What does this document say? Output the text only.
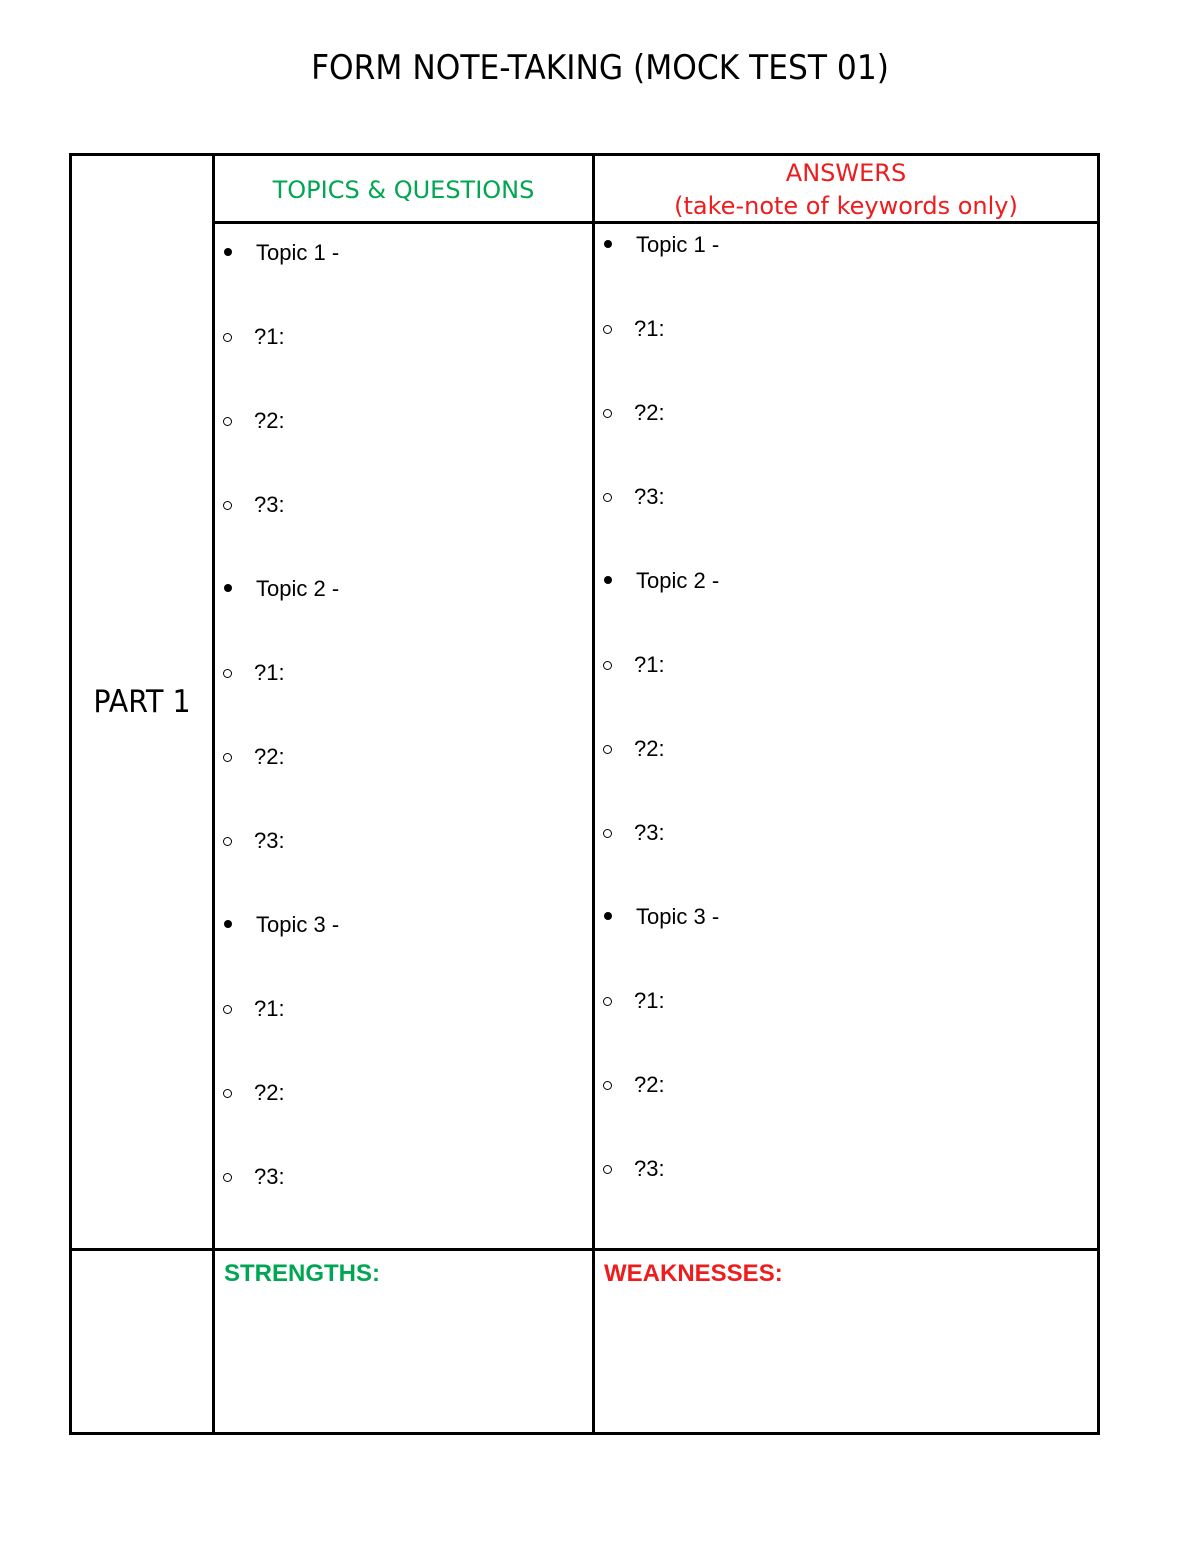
FORM NOTE-TAKING (MOCK TEST 01)
PART 1
TOPICS & QUESTIONS
ANSWERS
(take-note of keywords only)
Topic 1 -
?1:
?2:
?3:
Topic 2 -
?1:
?2:
?3:
Topic 3 -
?1:
?2:
?3:
Topic 1 -
?1:
?2:
?3:
Topic 2 -
?1:
?2:
?3:
Topic 3 -
?1:
?2:
?3:
STRENGTHS:	WEAKNESSES:
